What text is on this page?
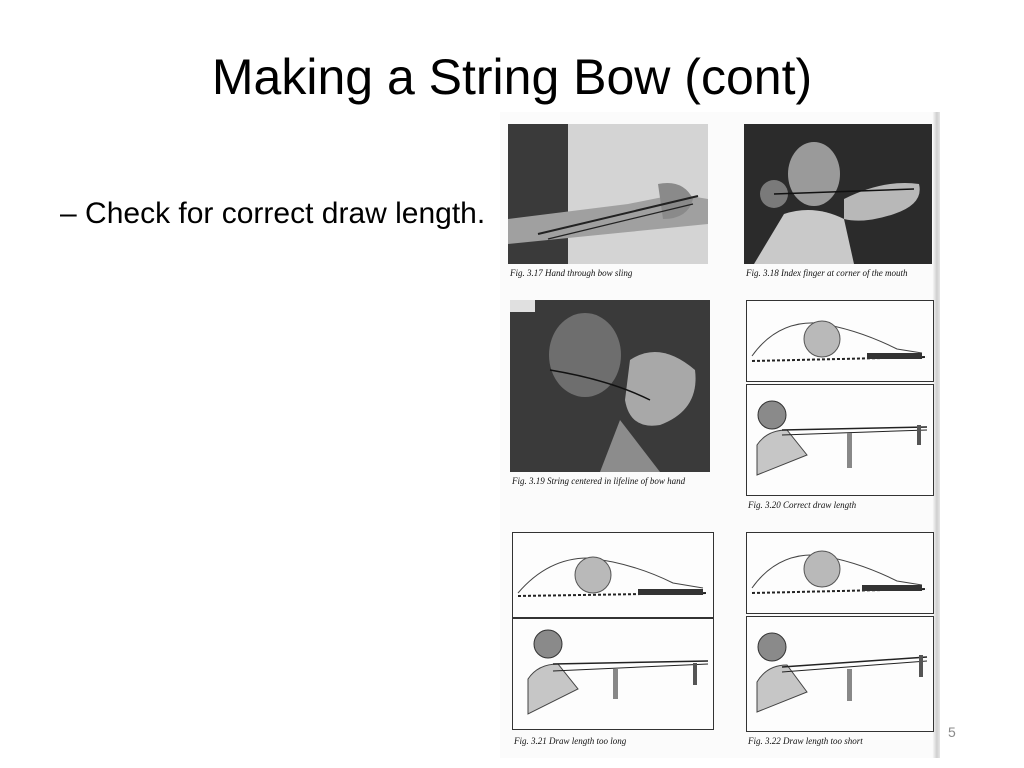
Making a String Bow (cont)
– Check for correct draw length.
Fig. 3.17 Hand through bow sling	Fig. 3.18 Index finger at corner of the mouth
Fig. 3.19 String centered in lifeline of bow hand
Fig. 3.20 Correct draw length
Fig. 3.21 Draw length too long	Fig. 3.22 Draw length too short
5
